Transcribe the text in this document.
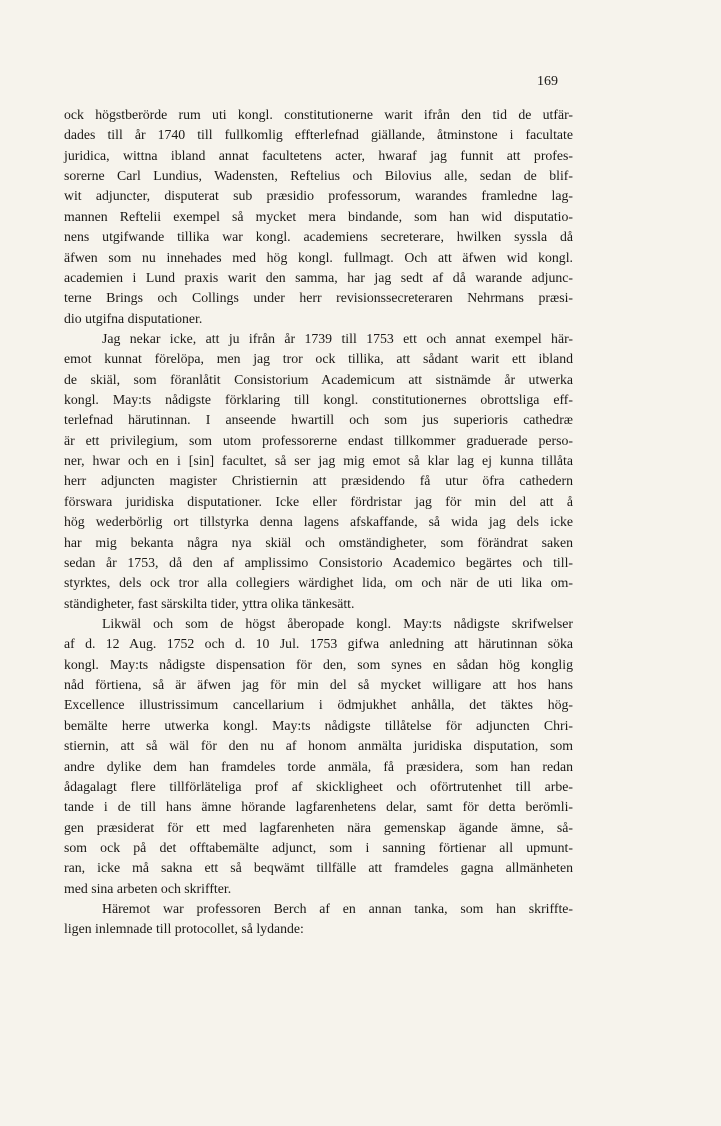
169
ock högstberörde rum uti kongl. constitutionerne warit ifrån den tid de utfär-
dades till år 1740 till fullkomlig effterlefnad giällande, åtminstone i facultate
juridica, wittna ibland annat facultetens acter, hwaraf jag funnit att profes-
sorerne Carl Lundius, Wadensten, Reftelius och Bilovius alle, sedan de blif-
wit adjuncter, disputerat sub præsidio professorum, warandes framledne lag-
mannen Reftelii exempel så mycket mera bindande, som han wid disputatio-
nens utgifwande tillika war kongl. academiens secreterare, hwilken syssla då
äfwen som nu innehades med hög kongl. fullmagt. Och att äfwen wid kongl.
academien i Lund praxis warit den samma, har jag sedt af då warande adjunc-
terne Brings och Collings under herr revisionssecreteraren Nehrmans præsi-
dio utgifna disputationer.
Jag nekar icke, att ju ifrån år 1739 till 1753 ett och annat exempel här-
emot kunnat förelöpa, men jag tror ock tillika, att sådant warit ett ibland
de skiäl, som föranlåtit Consistorium Academicum att sistnämde år utwerka
kongl. May:ts nådigste förklaring till kongl. constitutionernes obrottsliga eff-
terlefnad härutinnan. I anseende hwartill och som jus superioris cathedræ
är ett privilegium, som utom professorerne endast tillkommer graduerade perso-
ner, hwar och en i [sin] facultet, så ser jag mig emot så klar lag ej kunna tillåta
herr adjuncten magister Christiernin att præsidendo få utur öfra cathedern
förswara juridiska disputationer. Icke eller fördristar jag för min del att å
hög wederbörlig ort tillstyrka denna lagens afskaffande, så wida jag dels icke
har mig bekanta några nya skiäl och omständigheter, som förändrat saken
sedan år 1753, då den af amplissimo Consistorio Academico begärtes och till-
styrktes, dels ock tror alla collegiers wärdighet lida, om och när de uti lika om-
ständigheter, fast särskilta tider, yttra olika tänkesätt.
Likwäl och som de högst åberopade kongl. May:ts nådigste skrifwelser
af d. 12 Aug. 1752 och d. 10 Jul. 1753 gifwa anledning att härutinnan söka
kongl. May:ts nådigste dispensation för den, som synes en sådan hög konglig
nåd förtiena, så är äfwen jag för min del så mycket willigare att hos hans
Excellence illustrissimum cancellarium i ödmjukhet anhålla, det täktes hög-
bemälte herre utwerka kongl. May:ts nådigste tillåtelse för adjuncten Chri-
stiernin, att så wäl för den nu af honom anmälta juridiska disputation, som
andre dylike dem han framdeles torde anmäla, få præsidera, som han redan
ådagalagt flere tillförläteliga prof af skickligheet och oförtrutenhet till arbe-
tande i de till hans ämne hörande lagfarenhetens delar, samt för detta berömli-
gen præsiderat för ett med lagfarenheten nära gemenskap ägande ämne, så-
som ock på det offtabemälte adjunct, som i sanning förtienar all upmunt-
ran, icke må sakna ett så beqwämt tillfälle att framdeles gagna allmänheten
med sina arbeten och skriffter.
Häremot war professoren Berch af en annan tanka, som han skriffte-
ligen inlemnade till protocollet, så lydande:
